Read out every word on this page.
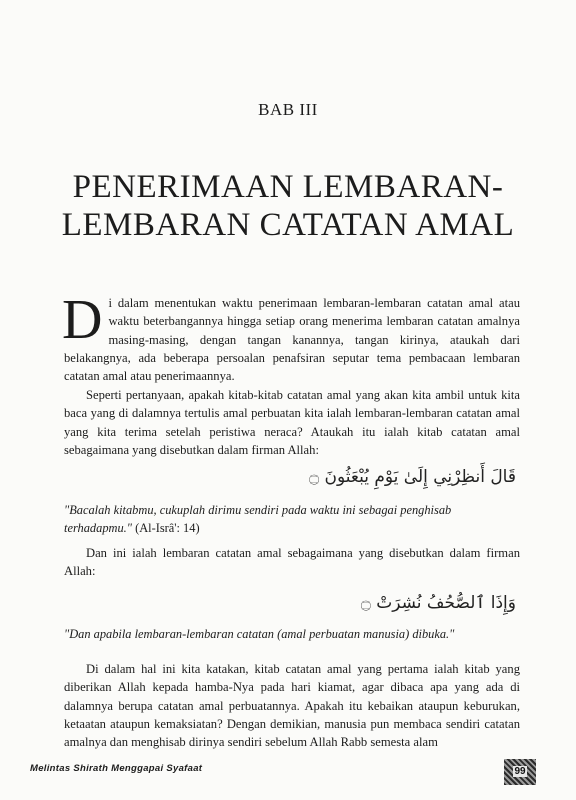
BAB III
PENERIMAAN LEMBARAN-
LEMBARAN CATATAN AMAL
D i dalam menentukan waktu penerimaan lembaran-lembaran catatan amal atau waktu beterbangannya hingga setiap orang menerima lembaran catatan amalnya masing-masing, dengan tangan kanannya, tangan kirinya, ataukah dari belakangnya, ada beberapa persoalan penafsiran seputar tema pembacaan lembaran catatan amal atau penerimaannya.
Seperti pertanyaan, apakah kitab-kitab catatan amal yang akan kita ambil untuk kita baca yang di dalamnya tertulis amal perbuatan kita ialah lembaran-lembaran catatan amal yang kita terima setelah peristiwa neraca? Ataukah itu ialah kitab catatan amal sebagaimana yang disebutkan dalam firman Allah:
قَالَ أَنظِرْنِي إِلَىٰ يَوْمِ يُبْعَثُونَ ۝
"Bacalah kitabmu, cukuplah dirimu sendiri pada waktu ini sebagai penghisab terhadapmu." (Al-Isrâ': 14)
Dan ini ialah lembaran catatan amal sebagaimana yang disebutkan dalam firman Allah:
وَإِذَا ٱلصُّحُفُ نُشِرَتْ ۝
"Dan apabila lembaran-lembaran catatan (amal perbuatan manusia) dibuka."
Di dalam hal ini kita katakan, kitab catatan amal yang pertama ialah kitab yang diberikan Allah kepada hamba-Nya pada hari kiamat, agar dibaca apa yang ada di dalamnya berupa catatan amal perbuatannya. Apakah itu kebaikan ataupun keburukan, ketaatan ataupun kemaksiatan? Dengan demikian, manusia pun membaca sendiri catatan amalnya dan menghisab dirinya sendiri sebelum Allah Rabb semesta alam
Melintas Shirath Menggapai Syafaat	99
